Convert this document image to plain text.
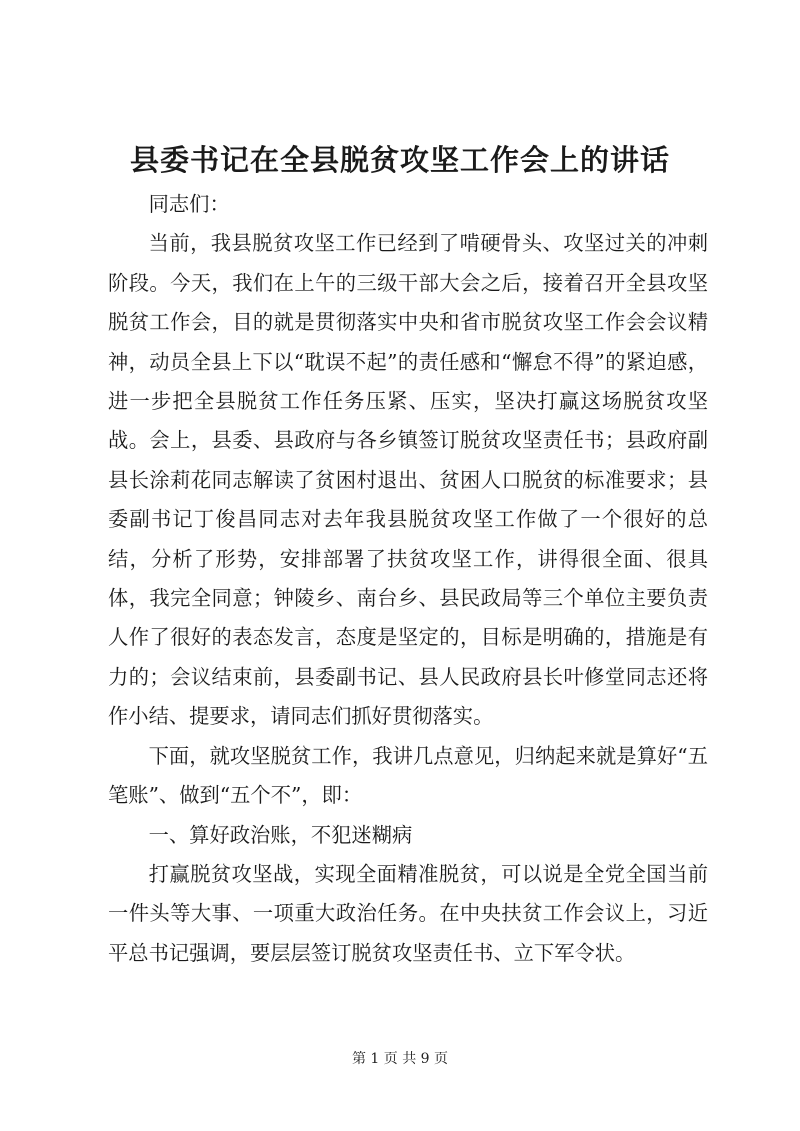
县委书记在全县脱贫攻坚工作会上的讲话

同志们：

当前，我县脱贫攻坚工作已经到了啃硬骨头、攻坚过关的冲刺阶段。今天，我们在上午的三级干部大会之后，接着召开全县攻坚脱贫工作会，目的就是贯彻落实中央和省市脱贫攻坚工作会会议精神，动员全县上下以“耽误不起”的责任感和“懈怠不得”的紧迫感，进一步把全县脱贫工作任务压紧、压实，坚决打赢这场脱贫攻坚战。会上，县委、县政府与各乡镇签订脱贫攻坚责任书；县政府副县长涂莉花同志解读了贫困村退出、贫困人口脱贫的标准要求；县委副书记丁俊昌同志对去年我县脱贫攻坚工作做了一个很好的总结，分析了形势，安排部署了扶贫攻坚工作，讲得很全面、很具体，我完全同意；钟陵乡、南台乡、县民政局等三个单位主要负责人作了很好的表态发言，态度是坚定的，目标是明确的，措施是有力的；会议结束前，县委副书记、县人民政府县长叶修堂同志还将作小结、提要求，请同志们抓好贯彻落实。

下面，就攻坚脱贫工作，我讲几点意见，归纳起来就是算好“五笔账”、做到“五个不”，即：

一、算好政治账，不犯迷糊病

打赢脱贫攻坚战，实现全面精准脱贫，可以说是全党全国当前一件头等大事、一项重大政治任务。在中央扶贫工作会议上，习近平总书记强调，要层层签订脱贫攻坚责任书、立下军令状。

第 1 页 共 9 页
